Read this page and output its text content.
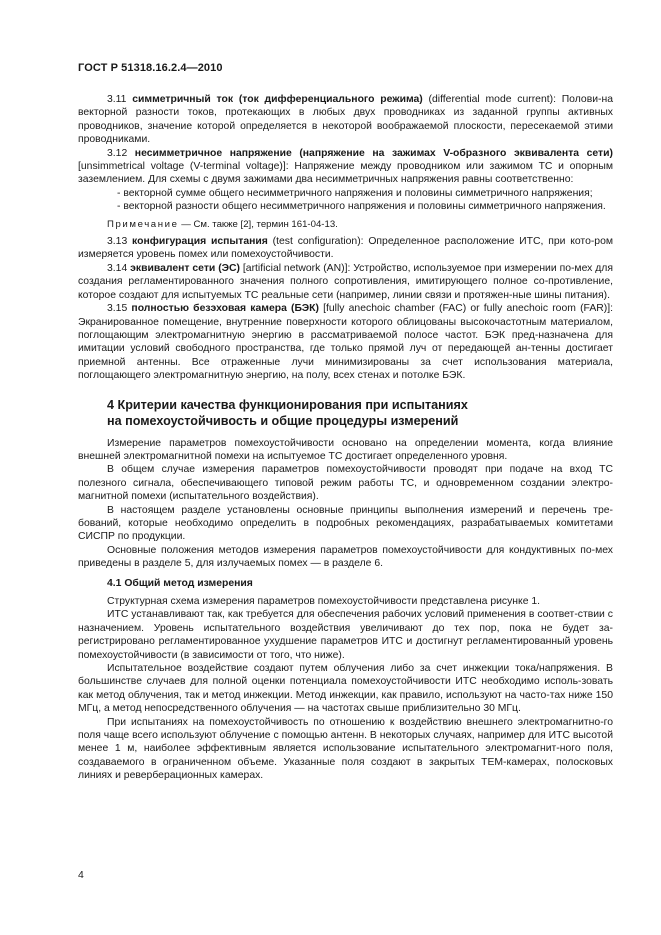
ГОСТ Р 51318.16.2.4—2010

3.11 симметричный ток (ток дифференциального режима) (differential mode current): Полови-на векторной разности токов, протекающих в любых двух проводниках из заданной группы активных проводников, значение которой определяется в некоторой воображаемой плоскости, пересекаемой этими проводниками.

3.12 несимметричное напряжение (напряжение на зажимах V-образного эквивалента сети) [unsimmetrical voltage (V-terminal voltage)]: Напряжение между проводником или зажимом ТС и опорным заземлением. Для схемы с двумя зажимами два несимметричных напряжения равны соответственно:

- векторной сумме общего несимметричного напряжения и половины симметричного напряжения;

- векторной разности общего несимметричного напряжения и половины симметричного напряжения.

Примечание — См. также [2], термин 161-04-13.

3.13 конфигурация испытания (test configuration): Определенное расположение ИТС, при кото-ром измеряется уровень помех или помехоустойчивости.

3.14 эквивалент сети (ЭС) [artificial network (AN)]: Устройство, используемое при измерении по-мех для создания регламентированного значения полного сопротивления, имитирующего полное со-противление, которое создают для испытуемых ТС реальные сети (например, линии связи и протяжен-ные шины питания).

3.15 полностью безэховая камера (БЭК) [fully anechoic chamber (FAC) or fully anechoic room (FAR)]: Экранированное помещение, внутренние поверхности которого облицованы высокочастотным материалом, поглощающим электромагнитную энергию в рассматриваемой полосе частот. БЭК пред-назначена для имитации условий свободного пространства, где только прямой луч от передающей ан-тенны достигает приемной антенны. Все отраженные лучи минимизированы за счет использования материала, поглощающего электромагнитную энергию, на полу, всех стенах и потолке БЭК.

4 Критерии качества функционирования при испытаниях
на помехоустойчивость и общие процедуры измерений

Измерение параметров помехоустойчивости основано на определении момента, когда влияние внешней электромагнитной помехи на испытуемое ТС достигает определенного уровня.

В общем случае измерения параметров помехоустойчивости проводят при подаче на вход ТС полезного сигнала, обеспечивающего типовой режим работы ТС, и одновременном создании электро-магнитной помехи (испытательного воздействия).

В настоящем разделе установлены основные принципы выполнения измерений и перечень тре-бований, которые необходимо определить в подробных рекомендациях, разрабатываемых комитетами СИСПР по продукции.

Основные положения методов измерения параметров помехоустойчивости для кондуктивных по-мех приведены в разделе 5, для излучаемых помех — в разделе 6.

4.1 Общий метод измерения

Структурная схема измерения параметров помехоустойчивости представлена рисунке 1.

ИТС устанавливают так, как требуется для обеспечения рабочих условий применения в соответ-ствии с назначением. Уровень испытательного воздействия увеличивают до тех пор, пока не будет за-регистрировано регламентированное ухудшение параметров ИТС и достигнут регламентированный уровень помехоустойчивости (в зависимости от того, что ниже).

Испытательное воздействие создают путем облучения либо за счет инжекции тока/напряжения. В большинстве случаев для полной оценки потенциала помехоустойчивости ИТС необходимо исполь-зовать как метод облучения, так и метод инжекции. Метод инжекции, как правило, используют на часто-тах ниже 150 МГц, а метод непосредственного облучения — на частотах свыше приблизительно 30 МГц.

При испытаниях на помехоустойчивость по отношению к воздействию внешнего электромагнитно-го поля чаще всего используют облучение с помощью антенн. В некоторых случаях, например для ИТС высотой менее 1 м, наиболее эффективным является использование испытательного электромагнит-ного поля, создаваемого в ограниченном объеме. Указанные поля создают в закрытых ТЕМ-камерах, полосковых линиях и реверберационных камерах.

4
